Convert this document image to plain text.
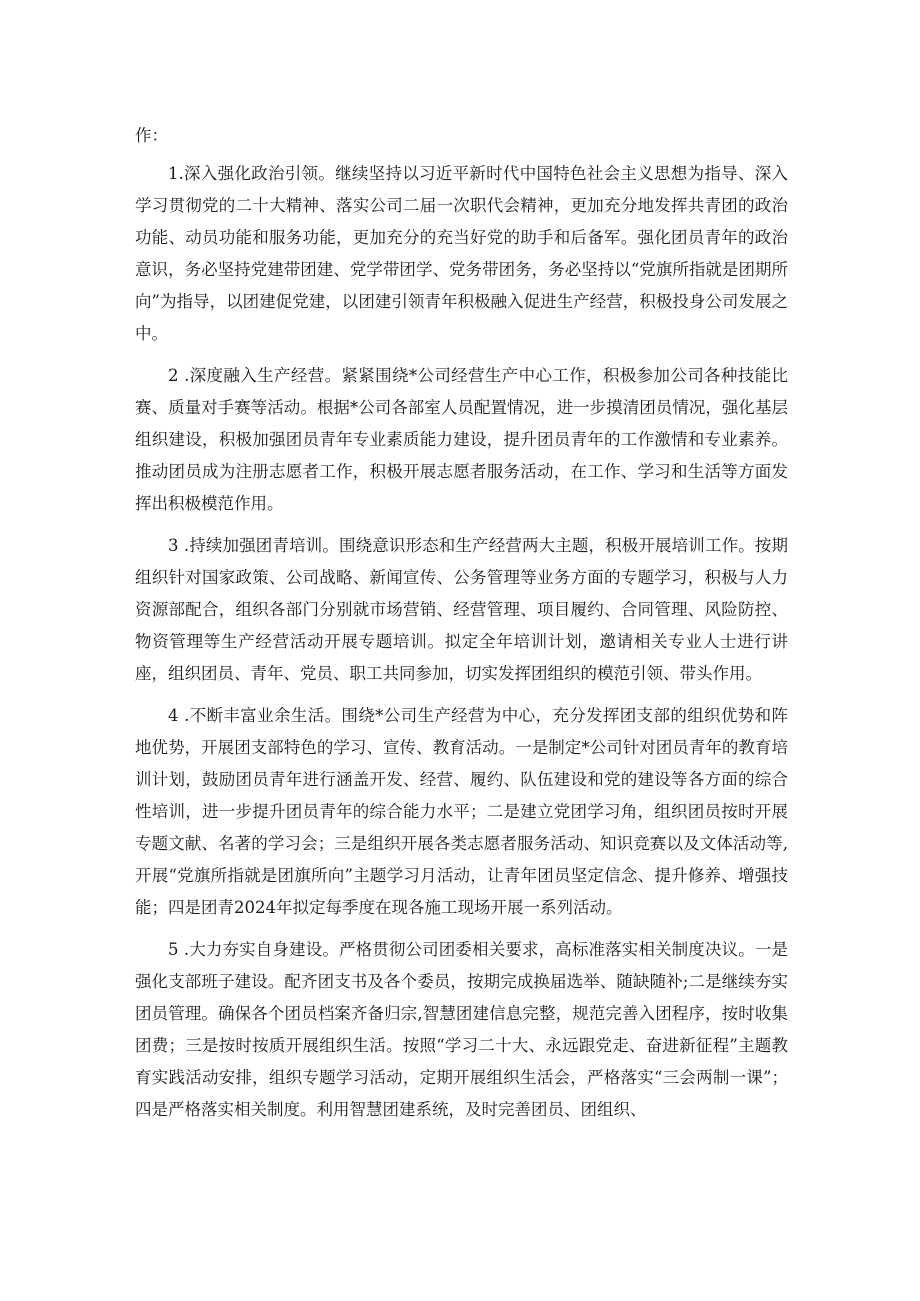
作：

1.深入强化政治引领。继续坚持以习近平新时代中国特色社会主义思想为指导、深入学习贯彻党的二十大精神、落实公司二届一次职代会精神，更加充分地发挥共青团的政治功能、动员功能和服务功能，更加充分的充当好党的助手和后备军。强化团员青年的政治意识，务必坚持党建带团建、党学带团学、党务带团务，务必坚持以“党旗所指就是团期所向”为指导，以团建促党建，以团建引领青年积极融入促进生产经营，积极投身公司发展之中。

2 .深度融入生产经营。紧紧围绕*公司经营生产中心工作，积极参加公司各种技能比赛、质量对手赛等活动。根据*公司各部室人员配置情况，进一步摸清团员情况，强化基层组织建设，积极加强团员青年专业素质能力建设，提升团员青年的工作激情和专业素养。推动团员成为注册志愿者工作，积极开展志愿者服务活动，在工作、学习和生活等方面发挥出积极模范作用。

3 .持续加强团青培训。围绕意识形态和生产经营两大主题，积极开展培训工作。按期组织针对国家政策、公司战略、新闻宣传、公务管理等业务方面的专题学习，积极与人力资源部配合，组织各部门分别就市场营销、经营管理、项目履约、合同管理、风险防控、物资管理等生产经营活动开展专题培训。拟定全年培训计划，邀请相关专业人士进行讲座，组织团员、青年、党员、职工共同参加，切实发挥团组织的模范引领、带头作用。

4 .不断丰富业余生活。围绕*公司生产经营为中心，充分发挥团支部的组织优势和阵地优势，开展团支部特色的学习、宣传、教育活动。一是制定*公司针对团员青年的教育培训计划，鼓励团员青年进行涵盖开发、经营、履约、队伍建设和党的建设等各方面的综合性培训，进一步提升团员青年的综合能力水平；二是建立党团学习角，组织团员按时开展专题文献、名著的学习会；三是组织开展各类志愿者服务活动、知识竞赛以及文体活动等,开展“党旗所指就是团旗所向”主题学习月活动，让青年团员坚定信念、提升修养、增强技能；四是团青2024年拟定每季度在现各施工现场开展一系列活动。

5 .大力夯实自身建设。严格贯彻公司团委相关要求，高标准落实相关制度决议。一是强化支部班子建设。配齐团支书及各个委员，按期完成换届选举、随缺随补;二是继续夯实团员管理。确保各个团员档案齐备归宗,智慧团建信息完整，规范完善入团程序，按时收集团费；三是按时按质开展组织生活。按照“学习二十大、永远跟党走、奋进新征程”主题教育实践活动安排，组织专题学习活动，定期开展组织生活会，严格落实“三会两制一课”；四是严格落实相关制度。利用智慧团建系统，及时完善团员、团组织、
